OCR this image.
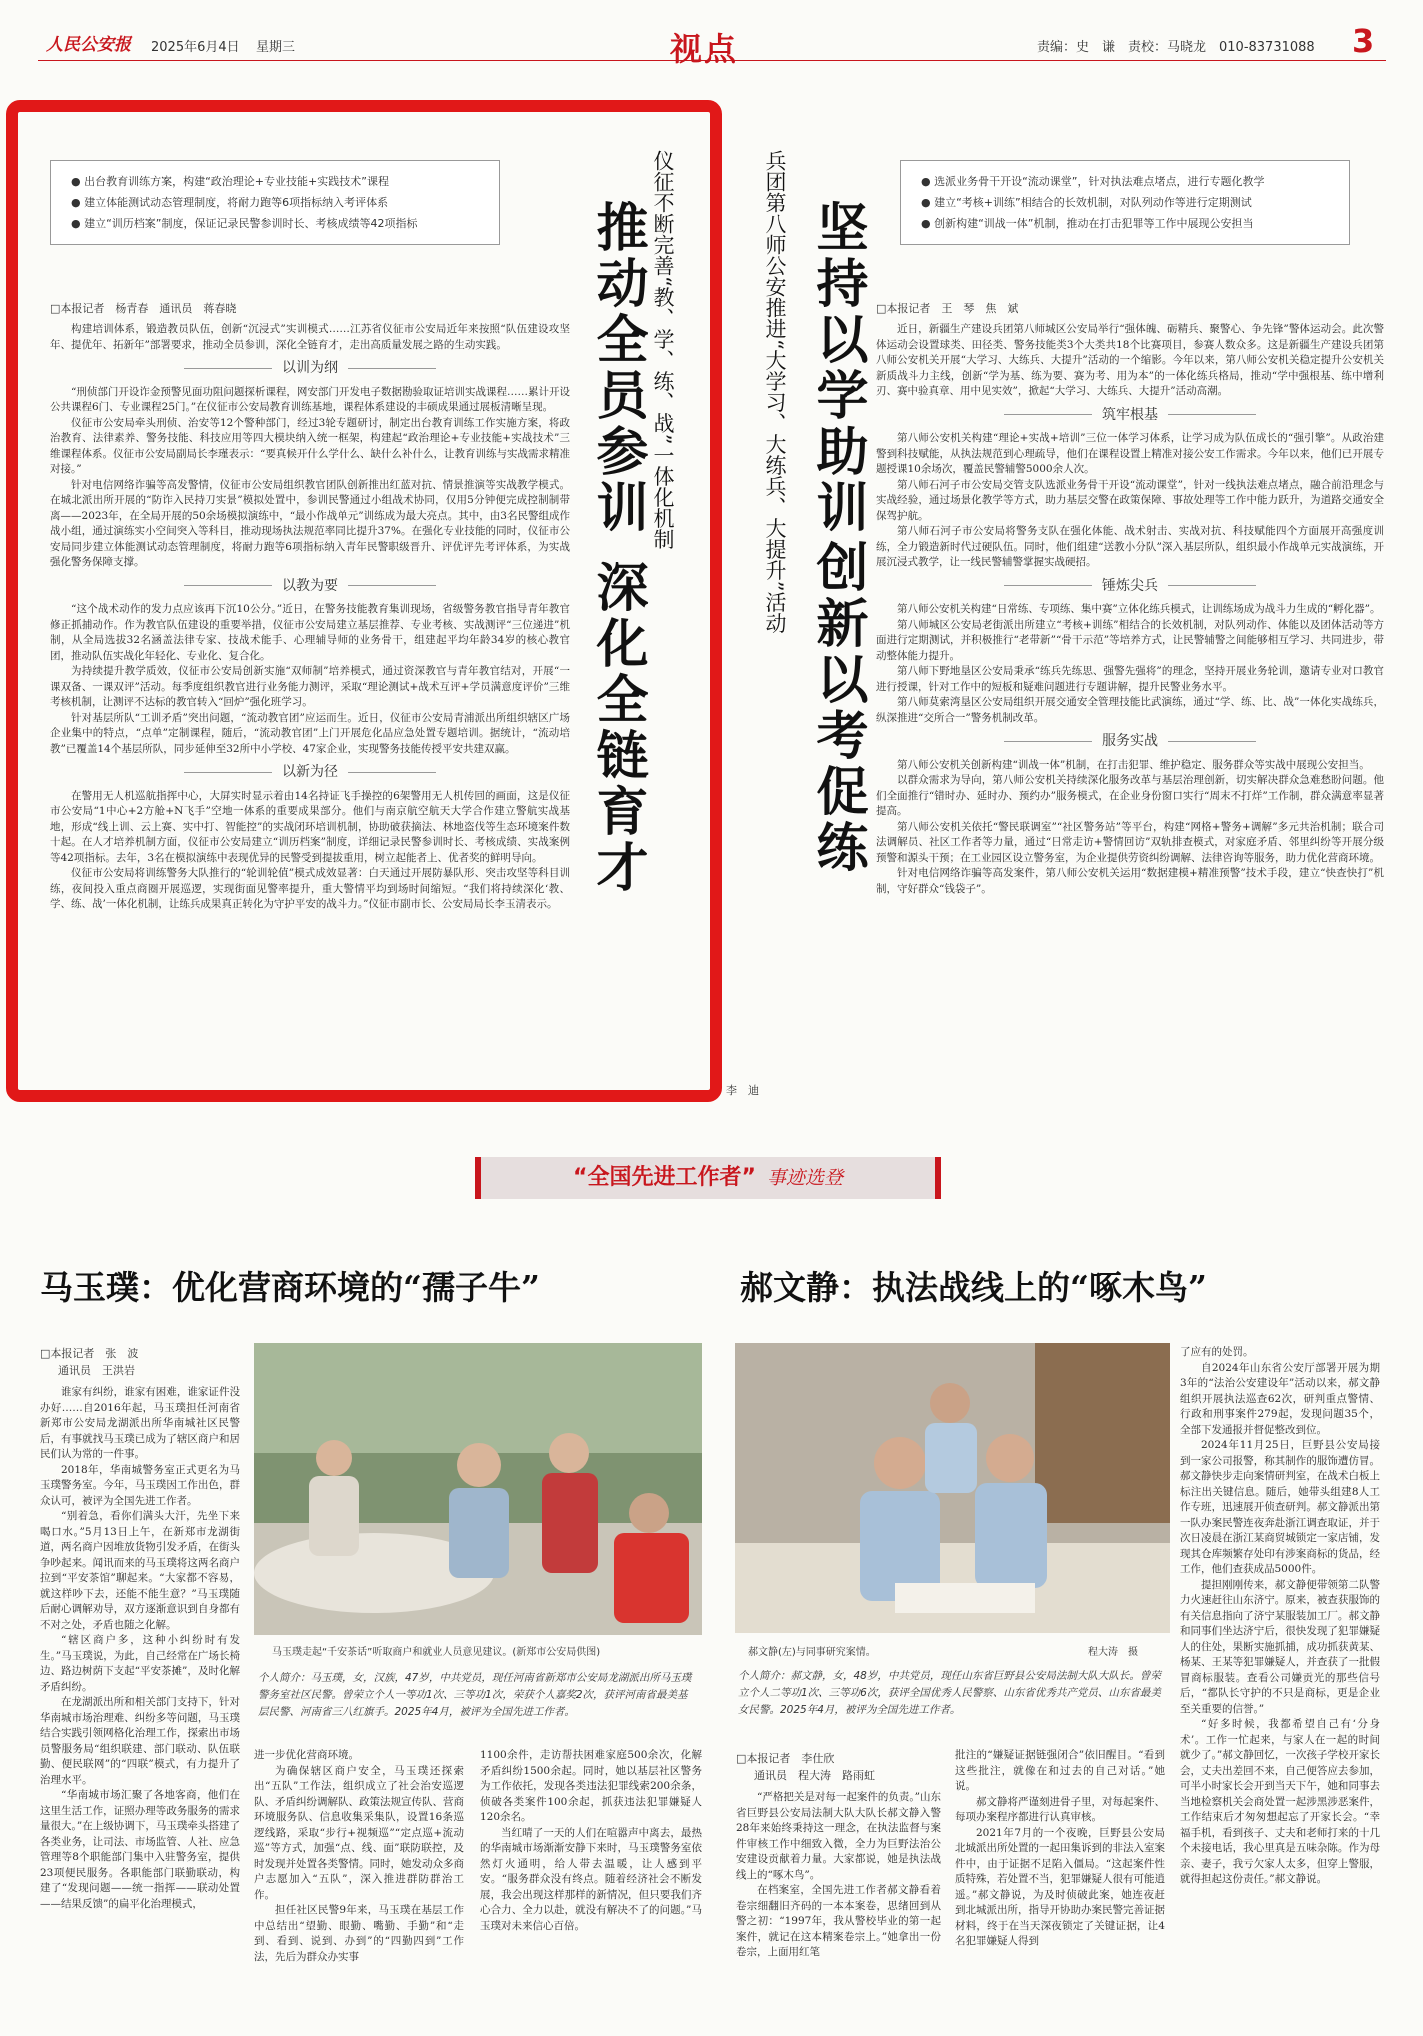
人民公安报 2025年6月4日 星期三	视点	责编：史　谦　责校：马晓龙　010-83731088 3
● 出台教育训练方案，构建“政治理论+专业技能+实践技术”课程
● 建立体能测试动态管理制度，将耐力跑等6项指标纳入考评体系
● 建立“训历档案”制度，保证记录民警参训时长、考核成绩等42项指标	仪征不断完善“教、学、练、战”一体化机制
推动全员参训
深化全链育才
□本报记者　杨青春　通讯员　蒋春晓

构建培训体系，锻造教员队伍，创新“沉浸式”实训模式……江苏省仪征市公安局近年来按照“队伍建设攻坚年、提优年、拓新年”部署要求，推动全员参训，深化全链育才，走出高质量发展之路的生动实践。

以训为纲

“刑侦部门开设诈金预警见面功阻问题探析课程，网安部门开发电子数据勘验取证培训实战课程……累计开设公共课程6门、专业课程25门。”在仪征市公安局教育训练基地，课程体系建设的丰硕成果通过展板清晰呈现。

仪征市公安局牵头刑侦、治安等12个警种部门，经过3轮专题研讨，制定出台教育训练工作实施方案，将政治教育、法律素养、警务技能、科技应用等四大模块纳入统一框架，构建起“政治理论+专业技能+实战技术”三维课程体系。仪征市公安局副局长李瑾表示：“要真候开什么学什么、缺什么补什么，让教育训练与实战需求精准对接。”

针对电信网络诈骗等高发警情，仪征市公安局组织教官团队创新推出红蓝对抗、情景推演等实战教学模式。在城北派出所开展的“防诈入民持刀实景”模拟处置中，参训民警通过小组战术协同，仅用5分钟便完成控制制带离——2023年，在全局开展的50余场模拟演练中，“最小作战单元”训练成为最大亮点。其中，由3名民警组成作战小组，通过演练实小空间突入等科目，推动现场执法规范率同比提升37%。在强化专业技能的同时，仪征市公安局同步建立体能测试动态管理制度，将耐力跑等6项指标纳入青年民警职级晋升、评优评先考评体系，为实战强化警务保障支撑。

以教为要

“这个战术动作的发力点应该再下沉10公分。”近日，在警务技能教育集训现场，省级警务教官指导青年教官修正抓捕动作。作为教官队伍建设的重要举措，仪征市公安局建立基层推荐、专业考核、实战测评“三位递进”机制，从全局选拔32名涵盖法律专家、技战术能手、心理辅导师的业务骨干，组建起平均年龄34岁的核心教官团，推动队伍实战化年轻化、专业化、复合化。

为持续提升教学质效，仪征市公安局创新实施“双师制”培养模式，通过资深教官与青年教官结对，开展“一课双备、一课双评”活动。每季度组织教官进行业务能力测评，采取“理论测试+战术互评+学员满意度评价”三维考核机制，让测评不达标的教官转入“回炉”强化班学习。

针对基层所队“工训矛盾”突出问题，“流动教官团”应运而生。近日，仪征市公安局青浦派出所组织辖区广场企业集中的特点，“点单”定制课程，随后，“流动教官团”上门开展危化品应急处置专题培训。据统计，“流动培教”已覆盖14个基层所队，同步延伸至32所中小学校、47家企业，实现警务技能传授平安共建双赢。

以新为径

在警用无人机巡航指挥中心，大屏实时显示着由14名持证飞手操控的6架警用无人机传回的画面，这是仪征市公安局“1中心+2方舱+N飞手”空地一体系的重要成果部分。他们与南京航空航天大学合作建立警航实战基地，形成“线上训、云上赛、实中打、智能控”的实战闭环培训机制，协助破获摘法、林地盗伐等生态环境案件数十起。在人才培养机制方面，仪征市公安局建立“训历档案”制度，详细记录民警参训时长、考核成绩、实战案例等42项指标。去年，3名在模拟演练中表现优异的民警受到提拔重用，树立起能者上、优者奖的鲜明导向。

仪征市公安局将训练警务大队推行的“轮训轮值”模式成效显著：白天通过开展防暴队形、突击攻坚等科目训练，夜间投入重点商圈开展巡逻，实现街面见警率提升，重大警情平均到场时间缩短。“我们将持续深化‘教、学、练、战’一体化机制，让练兵成果真正转化为守护平安的战斗力。”仪征市副市长、公安局局长李玉清表示。

兵团第八师公安推进“大学习、大练兵、大提升”活动 坚持以学助训
创新以考促练
● 选派业务骨干开设“流动课堂”，针对执法难点堵点，进行专题化教学
● 建立“考核+训练”相结合的长效机制，对队列动作等进行定期测试
● 创新构建“训战一体”机制，推动在打击犯罪等工作中展现公安担当
□本报记者　王　琴　焦　斌

近日，新疆生产建设兵团第八师城区公安局举行“强体魄、砺精兵、聚警心、争先锋”警体运动会。此次警体运动会设置球类、田径类、警务技能类3个大类共18个比赛项目，参赛人数众多。这是新疆生产建设兵团第八师公安机关开展“大学习、大练兵、大提升”活动的一个缩影。今年以来，第八师公安机关稳定提升公安机关新质战斗力主线，创新“学为基、练为要、赛为考、用为本”的一体化练兵格局，推动“学中强根基、练中增利刃、赛中验真章、用中见实效”，掀起“大学习、大练兵、大提升”活动高潮。

筑牢根基

第八师公安机关构建“理论+实战+培训”三位一体学习体系，让学习成为队伍成长的“强引擎”。从政治建警到科技赋能，从执法规范到心理疏导，他们在课程设置上精准对接公安工作需求。今年以来，他们已开展专题授课10余场次，覆盖民警辅警5000余人次。

第八师石河子市公安局交管支队选派业务骨干开设“流动课堂”，针对一线执法难点堵点，融合前沿理念与实战经验，通过场景化教学等方式，助力基层交警在政策保障、事故处理等工作中能力跃升，为道路交通安全保驾护航。

第八师石河子市公安局将警务支队在强化体能、战术射击、实战对抗、科技赋能四个方面展开高强度训练，全力锻造新时代过硬队伍。同时，他们组建“送教小分队”深入基层所队，组织最小作战单元实战演练，开展沉浸式教学，让一线民警辅警掌握实战硬招。

锤炼尖兵

第八师公安机关构建“日常练、专项练、集中赛”立体化练兵模式，让训练场成为战斗力生成的“孵化器”。

第八师城区公安局老街派出所建立“考核+训练”相结合的长效机制，对队列动作、体能以及团体活动等方面进行定期测试，并积极推行“老带新”“骨干示范”等培养方式，让民警辅警之间能够相互学习、共同进步，带动整体能力提升。

第八师下野地垦区公安局秉承“练兵先练思、强警先强将”的理念，坚持开展业务轮训，邀请专业对口教官进行授课，针对工作中的短板和疑难问题进行专题讲解，提升民警业务水平。

第八师莫索湾垦区公安局组织开展交通安全管理技能比武演练，通过“学、练、比、战”一体化实战练兵，纵深推进“交所合一”警务机制改革。

服务实战

第八师公安机关创新构建“训战一体”机制，在打击犯罪、维护稳定、服务群众等实战中展现公安担当。

以群众需求为导向，第八师公安机关持续深化服务改革与基层治理创新，切实解决群众急难愁盼问题。他们全面推行“错时办、延时办、预约办”服务模式，在企业身份窗口实行“周末不打烊”工作制，群众满意率显著提高。

第八师公安机关依托“警民联调室”“社区警务站”等平台，构建“网格+警务+调解”多元共治机制；联合司法调解员、社区工作者等力量，通过“日常走访+警情回访”双轨排查模式，对家庭矛盾、邻里纠纷等开展分级预警和源头干预；在工业园区设立警务室，为企业提供劳资纠纷调解、法律咨询等服务，助力优化营商环境。

针对电信网络诈骗等高发案件，第八师公安机关运用“数据建模+精准预警”技术手段，建立“快查快打”机制，守好群众“钱袋子”。

李　迪
“全国先进工作者” 事迹选登
马玉璞：优化营商环境的“孺子牛”
□本报记者　张　波
通讯员　王洪岩
马玉璞走起“千安茶话”听取商户和就业人员意见建议。(新郑市公安局供图)
个人简介：马玉璞，女，汉族，47岁，中共党员，现任河南省新郑市公安局龙湖派出所马玉璞警务室社区民警。曾荣立个人一等功1次、三等功1次，荣获个人嘉奖2次，获评河南省最美基层民警、河南省三八红旗手。2025年4月，被评为全国先进工作者。

谁家有纠纷，谁家有困难，谁家证件没办好……自2016年起，马玉璞担任河南省新郑市公安局龙湖派出所华南城社区民警后，有事就找马玉璞已成为了辖区商户和居民们认为常的一件事。

2018年，华南城警务室正式更名为马玉璞警务室。今年，马玉璞因工作出色，群众认可，被评为全国先进工作者。

“别着急，看你们满头大汗，先坐下来喝口水。”5月13日上午，在新郑市龙湖街道，两名商户因堆放货物引发矛盾，在街头争吵起来。闻讯而来的马玉璞将这两名商户拉到“平安茶馆”聊起来。“大家都不容易，就这样吵下去，还能不能生意？”马玉璞随后耐心调解劝导，双方逐渐意识到自身都有不对之处，矛盾也随之化解。

“辖区商户多，这种小纠纷时有发生。”马玉璞说，为此，自己经常在广场长椅边、路边树荫下支起“平安茶摊”，及时化解矛盾纠纷。

在龙湖派出所和相关部门支持下，针对华南城市场治理难、纠纷多等问题，马玉璞结合实践引领网格化治理工作，探索出市场员警服务局“组织联建、部门联动、队伍联勤、便民联网”的“四联”模式，有力提升了治理水平。

“华南城市场汇聚了各地客商，他们在这里生活工作，证照办理等政务服务的需求量很大。”在上级协调下，马玉璞牵头搭建了各类业务，让司法、市场监管、人社、应急管理等8个职能部门集中入驻警务室，提供23项便民服务。各职能部门联勤联动，构建了“发现问题——统一指挥——联动处置——结果反馈”的扁平化治理模式，

进一步优化营商环境。

为确保辖区商户安全，马玉璞还探索出“五队”工作法，组织成立了社会治安巡逻队、矛盾纠纷调解队、政策法规宣传队、营商环境服务队、信息收集采集队，设置16条巡逻线路，采取“步行+视频巡”“定点巡+流动巡”等方式，加强“点、线、面”联防联控，及时发现并处置各类警情。同时，她发动众多商户志愿加入“五队”，深入推进群防群治工作。

担任社区民警9年来，马玉璞在基层工作中总结出“望勤、眼勤、嘴勤、手勤”和“走到、看到、说到、办到”的“四勤四到”工作法，先后为群众办实事

1100余件，走访帮扶困难家庭500余次，化解矛盾纠纷1500余起。同时，她以基层社区警务为工作依托，发现各类违法犯罪线索200余条，侦破各类案件100余起，抓获违法犯罪嫌疑人120余名。

当红晴了一天的人们在喧嚣声中离去，最热的华南城市场渐渐安静下来时，马玉璞警务室依然灯火通明，给人带去温暖，让人感到平安。“服务群众没有终点。随着经济社会不断发展，我会出现这样那样的新情况，但只要我们齐心合力、全力以赴，就没有解决不了的问题。”马玉璞对未来信心百倍。

郝文静：执法战线上的“啄木鸟”
郝文静(左)与同事研究案情。	程大涛　摄
个人简介：郝文静，女，48岁，中共党员，现任山东省巨野县公安局法制大队大队长。曾荣立个人二等功1次、三等功6次，获评全国优秀人民警察、山东省优秀共产党员、山东省最美女民警。2025年4月，被评为全国先进工作者。
□本报记者　李仕欣
通讯员　程大涛　路雨虹

“严格把关是对每一起案件的负责。”山东省巨野县公安局法制大队大队长郝文静入警28年来始终秉持这一理念，在执法监督与案件审核工作中细致入微，全力为巨野法治公安建设贡献着力量。大家都说，她是执法战线上的“啄木鸟”。

在档案室，全国先进工作者郝文静看着卷宗细翻旧齐码的一本本案卷，思绪回到从警之初：“1997年，我从警校毕业的第一起案件，就记在这本精案卷宗上。”她拿出一份卷宗，上面用红笔

批注的“嫌疑证据链强闭合”依旧醒目。“看到这些批注，就像在和过去的自己对话。”她说。

郝文静将严谨刻进骨子里，对每起案件、每项办案程序都进行认真审核。

2021年7月的一个夜晚，巨野县公安局北城派出所处置的一起田集诉到的非法入室案件中，由于证据不足陷入僵局。“这起案件性质特殊，若处置不当，犯罪嫌疑人很有可能逍遥。”郝文静说，为及时侦破此案，她连夜赶到北城派出所，指导开协助办案民警完善证据材料，终于在当天深夜锁定了关键证据，让4名犯罪嫌疑人得到

了应有的处罚。

自2024年山东省公安厅部署开展为期3年的“法治公安建设年”活动以来，郝文静组织开展执法巡查62次，研判重点警情、行政和刑事案件279起，发现问题35个，全部下发通报并督促整改到位。

2024年11月25日，巨野县公安局接到一家公司报警，称其制作的服饰遭仿冒。郝文静快步走向案情研判室，在战术白板上标注出关键信息。随后，她带头组建8人工作专班，迅速展开侦查研判。郝文静派出第一队办案民警连夜奔赴浙江调查取证，并于次日凌晨在浙江某商贸城锁定一家店铺，发现其仓库频繁存处印有涉案商标的货品，经工作，他们查获成品5000件。

提担刚刚传来，郝文静便带领第二队警力火速赶往山东济宁。原来，被查获服饰的有关信息指向了济宁某服装加工厂。郝文静和同事们坐达济宁后，很快发现了犯罪嫌疑人的住处，果断实施抓捕，成功抓获黄某、杨某、王某等犯罪嫌疑人，并查获了一批假冒商标服装。查看公司嫌贡光的那些信号后，“都队长守护的不只是商标，更是企业至关重要的信誉。”

“好多时候，我都希望自己有‘分身术’。工作一忙起来，与家人在一起的时间就少了。”郝文静回忆，一次孩子学校开家长会，丈夫出差回不来，自己便答应去参加，可半小时家长会开到当天下午，她和同事去当地检察机关会商处置一起涉黑涉恶案件，工作结束后才匆匆想起忘了开家长会。“幸福手机，看到孩子、丈夫和老师打来的十几个未接电话，我心里真是五味杂陈。作为母亲、妻子，我亏欠家人太多，但穿上警服，就得担起这份责任。”郝文静说。
